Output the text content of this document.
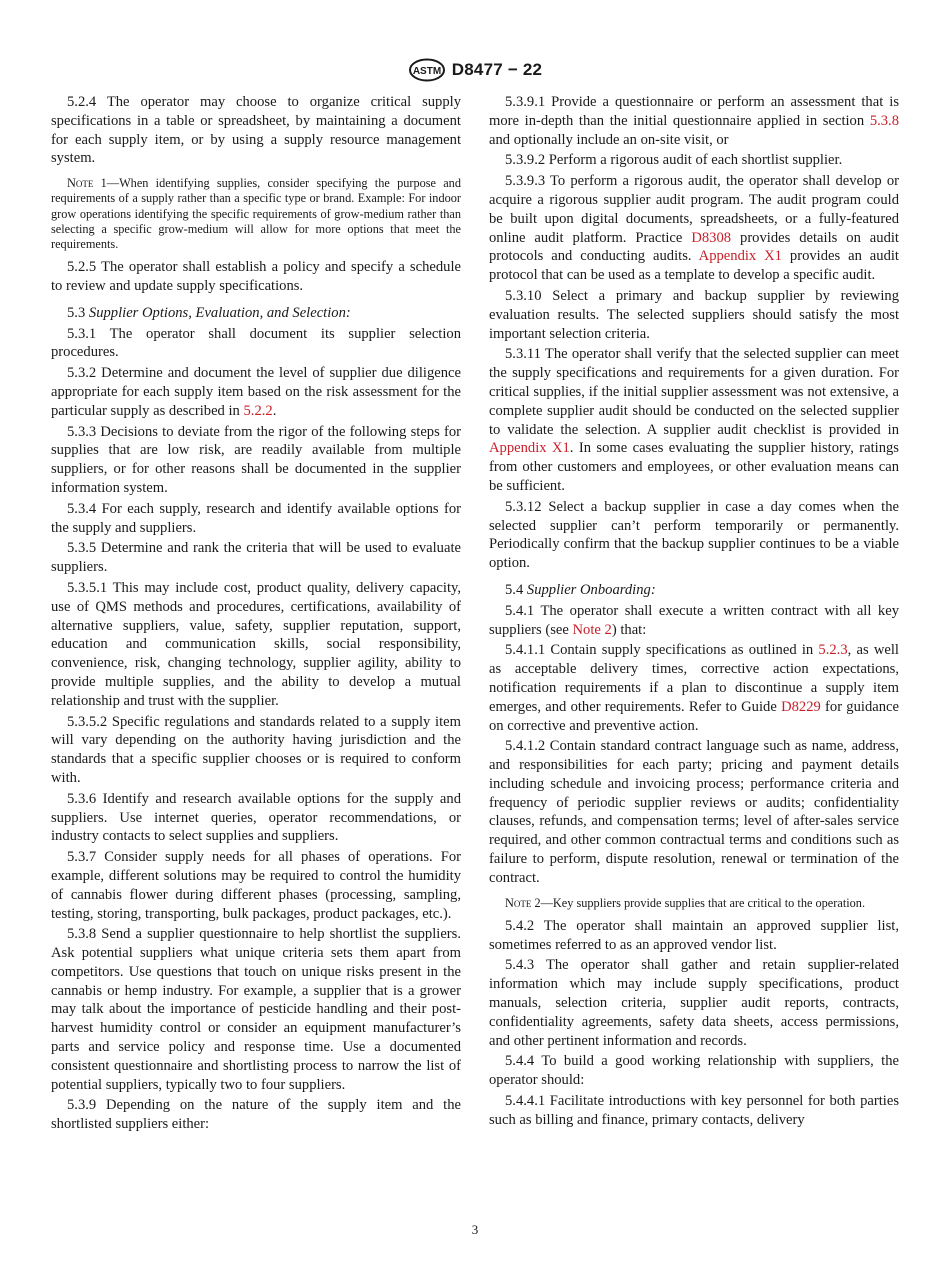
ASTM D8477 − 22

5.2.4 The operator may choose to organize critical supply specifications in a table or spreadsheet, by maintaining a document for each supply item, or by using a supply resource management system.

Note 1—When identifying supplies, consider specifying the purpose and requirements of a supply rather than a specific type or brand. Example: For indoor grow operations identifying the specific requirements of grow-medium rather than selecting a specific grow-medium will allow for more options that meet the requirements.

5.2.5 The operator shall establish a policy and specify a schedule to review and update supply specifications.

5.3 Supplier Options, Evaluation, and Selection:

5.3.1 The operator shall document its supplier selection procedures.

5.3.2 Determine and document the level of supplier due diligence appropriate for each supply item based on the risk assessment for the particular supply as described in 5.2.2.

5.3.3 Decisions to deviate from the rigor of the following steps for supplies that are low risk, are readily available from multiple suppliers, or for other reasons shall be documented in the supplier information system.

5.3.4 For each supply, research and identify available options for the supply and suppliers.

5.3.5 Determine and rank the criteria that will be used to evaluate suppliers.

5.3.5.1 This may include cost, product quality, delivery capacity, use of QMS methods and procedures, certifications, availability of alternative suppliers, value, safety, supplier reputation, support, education and communication skills, social responsibility, convenience, risk, changing technology, supplier agility, ability to provide multiple supplies, and the ability to develop a mutual relationship and trust with the supplier.

5.3.5.2 Specific regulations and standards related to a supply item will vary depending on the authority having jurisdiction and the standards that a specific supplier chooses or is required to conform with.

5.3.6 Identify and research available options for the supply and suppliers. Use internet queries, operator recommendations, or industry contacts to select supplies and suppliers.

5.3.7 Consider supply needs for all phases of operations. For example, different solutions may be required to control the humidity of cannabis flower during different phases (processing, sampling, testing, storing, transporting, bulk packages, product packages, etc.).

5.3.8 Send a supplier questionnaire to help shortlist the suppliers. Ask potential suppliers what unique criteria sets them apart from competitors. Use questions that touch on unique risks present in the cannabis or hemp industry. For example, a supplier that is a grower may talk about the importance of pesticide handling and their post-harvest humidity control or consider an equipment manufacturer’s parts and service policy and response time. Use a documented consistent questionnaire and shortlisting process to narrow the list of potential suppliers, typically two to four suppliers.

5.3.9 Depending on the nature of the supply item and the shortlisted suppliers either:

5.3.9.1 Provide a questionnaire or perform an assessment that is more in-depth than the initial questionnaire applied in section 5.3.8 and optionally include an on-site visit, or

5.3.9.2 Perform a rigorous audit of each shortlist supplier.

5.3.9.3 To perform a rigorous audit, the operator shall develop or acquire a rigorous supplier audit program. The audit program could be built upon digital documents, spreadsheets, or a fully-featured online audit platform. Practice D8308 provides details on audit protocols and conducting audits. Appendix X1 provides an audit protocol that can be used as a template to develop a specific audit.

5.3.10 Select a primary and backup supplier by reviewing evaluation results. The selected suppliers should satisfy the most important selection criteria.

5.3.11 The operator shall verify that the selected supplier can meet the supply specifications and requirements for a given duration. For critical supplies, if the initial supplier assessment was not extensive, a complete supplier audit should be conducted on the selected supplier to validate the selection. A supplier audit checklist is provided in Appendix X1. In some cases evaluating the supplier history, ratings from other customers and employees, or other evaluation means can be sufficient.

5.3.12 Select a backup supplier in case a day comes when the selected supplier can’t perform temporarily or permanently. Periodically confirm that the backup supplier continues to be a viable option.

5.4 Supplier Onboarding:

5.4.1 The operator shall execute a written contract with all key suppliers (see Note 2) that:

5.4.1.1 Contain supply specifications as outlined in 5.2.3, as well as acceptable delivery times, corrective action expectations, notification requirements if a plan to discontinue a supply item emerges, and other requirements. Refer to Guide D8229 for guidance on corrective and preventive action.

5.4.1.2 Contain standard contract language such as name, address, and responsibilities for each party; pricing and payment details including schedule and invoicing process; performance criteria and frequency of periodic supplier reviews or audits; confidentiality clauses, refunds, and compensation terms; level of after-sales service required, and other common contractual terms and conditions such as failure to perform, dispute resolution, renewal or termination of the contract.

Note 2—Key suppliers provide supplies that are critical to the operation.

5.4.2 The operator shall maintain an approved supplier list, sometimes referred to as an approved vendor list.

5.4.3 The operator shall gather and retain supplier-related information which may include supply specifications, product manuals, selection criteria, supplier audit reports, contracts, confidentiality agreements, safety data sheets, access permissions, and other pertinent information and records.

5.4.4 To build a good working relationship with suppliers, the operator should:

5.4.4.1 Facilitate introductions with key personnel for both parties such as billing and finance, primary contacts, delivery

3
